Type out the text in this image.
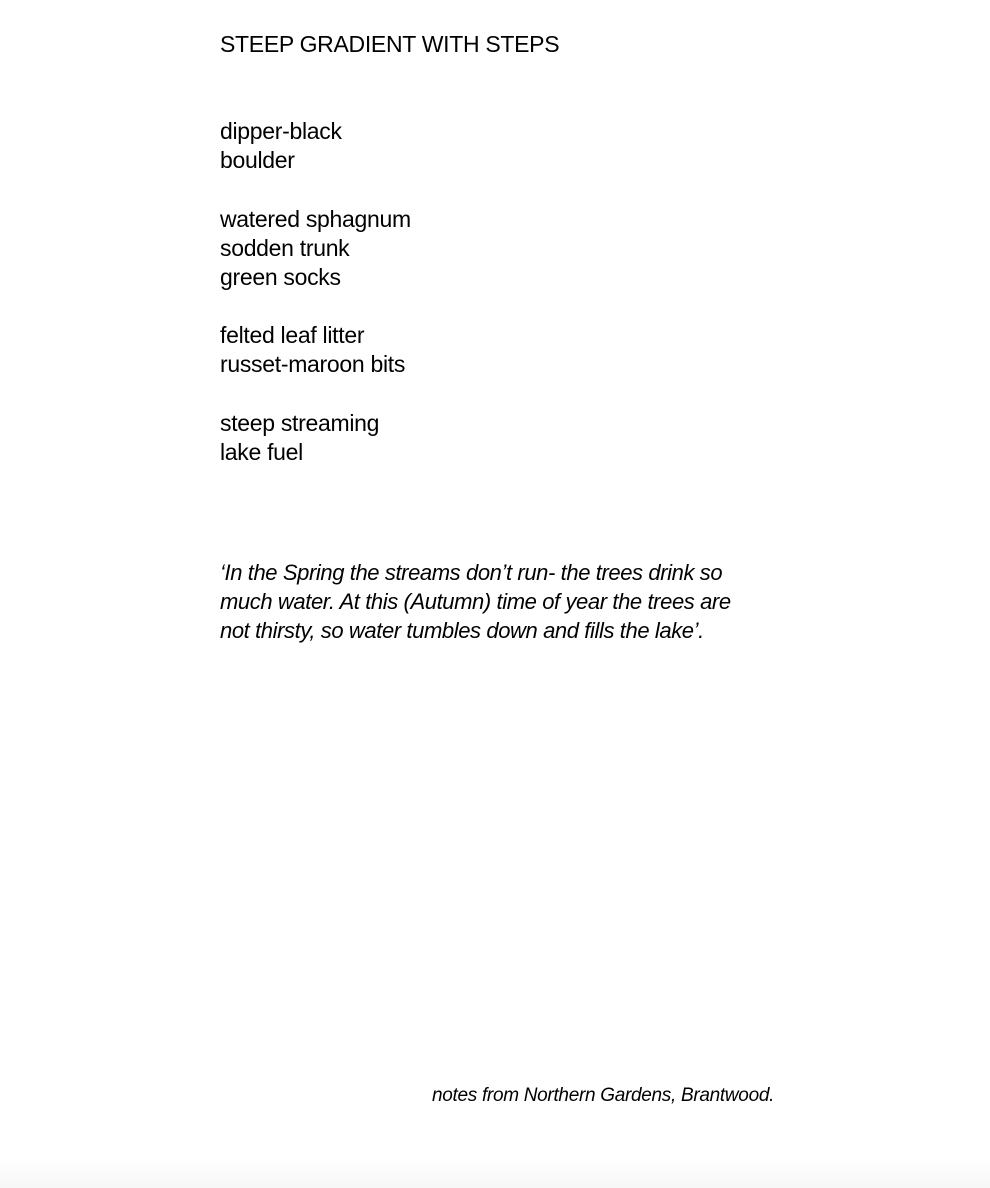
STEEP GRADIENT WITH STEPS
dipper-black
boulder
watered sphagnum
sodden trunk
green socks
felted leaf litter
russet-maroon bits
steep streaming
lake fuel
‘In the Spring the streams don’t run- the trees drink so
much water. At this (Autumn) time of year the trees are
not thirsty, so water tumbles down and fills the lake’.

notes from Northern Gardens, Brantwood.
